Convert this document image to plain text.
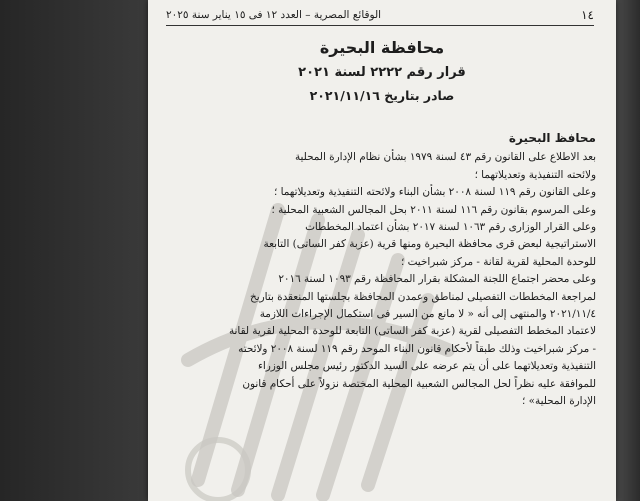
١٤
الوقائع المصرية – العدد ١٢ فى ١٥ يناير سنة ٢٠٢٥

محافظة البحيرة

قرار رقم ٢٢٢٢ لسنة ٢٠٢١

صادر بتاريخ ٢٠٢١/١١/١٦

محافظ البحيرة
بعد الاطلاع على القانون رقم ٤٣ لسنة ١٩٧٩ بشأن نظام الإدارة المحلية
ولائحته التنفيذية وتعديلاتهما ؛
وعلى القانون رقم ١١٩ لسنة ٢٠٠٨ بشأن البناء ولائحته التنفيذية وتعديلاتهما ؛
وعلى المرسوم بقانون رقم ١١٦ لسنة ٢٠١١ بحل المجالس الشعبية المحلية ؛
وعلى القرار الوزارى رقم ١٠٦٣ لسنة ٢٠١٧ بشأن اعتماد المخططات
الاستراتيجية لبعض قرى محافظة البحيرة ومنها قرية (عزبة كفر الساتى) التابعة
للوحدة المحلية لقرية لقانة - مركز شبراخيت ؛
وعلى محضر اجتماع اللجنة المشكلة بقرار المحافظة رقم ١٠٩٣ لسنة ٢٠١٦
لمراجعة المخططات التفصيلى لمناطق وعمدن المحافظة بجلستها المنعقدة بتاريخ
٢٠٢١/١١/٤ والمنتهى إلى أنه « لا مانع من السير فى استكمال الإجراءات اللازمة
لاعتماد المخطط التفصيلى لقرية (عزبة كفر الساتى) التابعة للوحدة المحلية لقرية لقانة
- مركز شبراخيت وذلك طبقاً لأحكام قانون البناء الموحد رقم ١١٩ لسنة ٢٠٠٨ ولائحته
التنفيذية وتعديلاتهما على أن يتم عرضه على السيد الدكتور رئيس مجلس الوزراء
للموافقة عليه نظراً لحل المجالس الشعبية المحلية المختصة نزولاً على أحكام قانون
الإدارة المحلية» ؛
